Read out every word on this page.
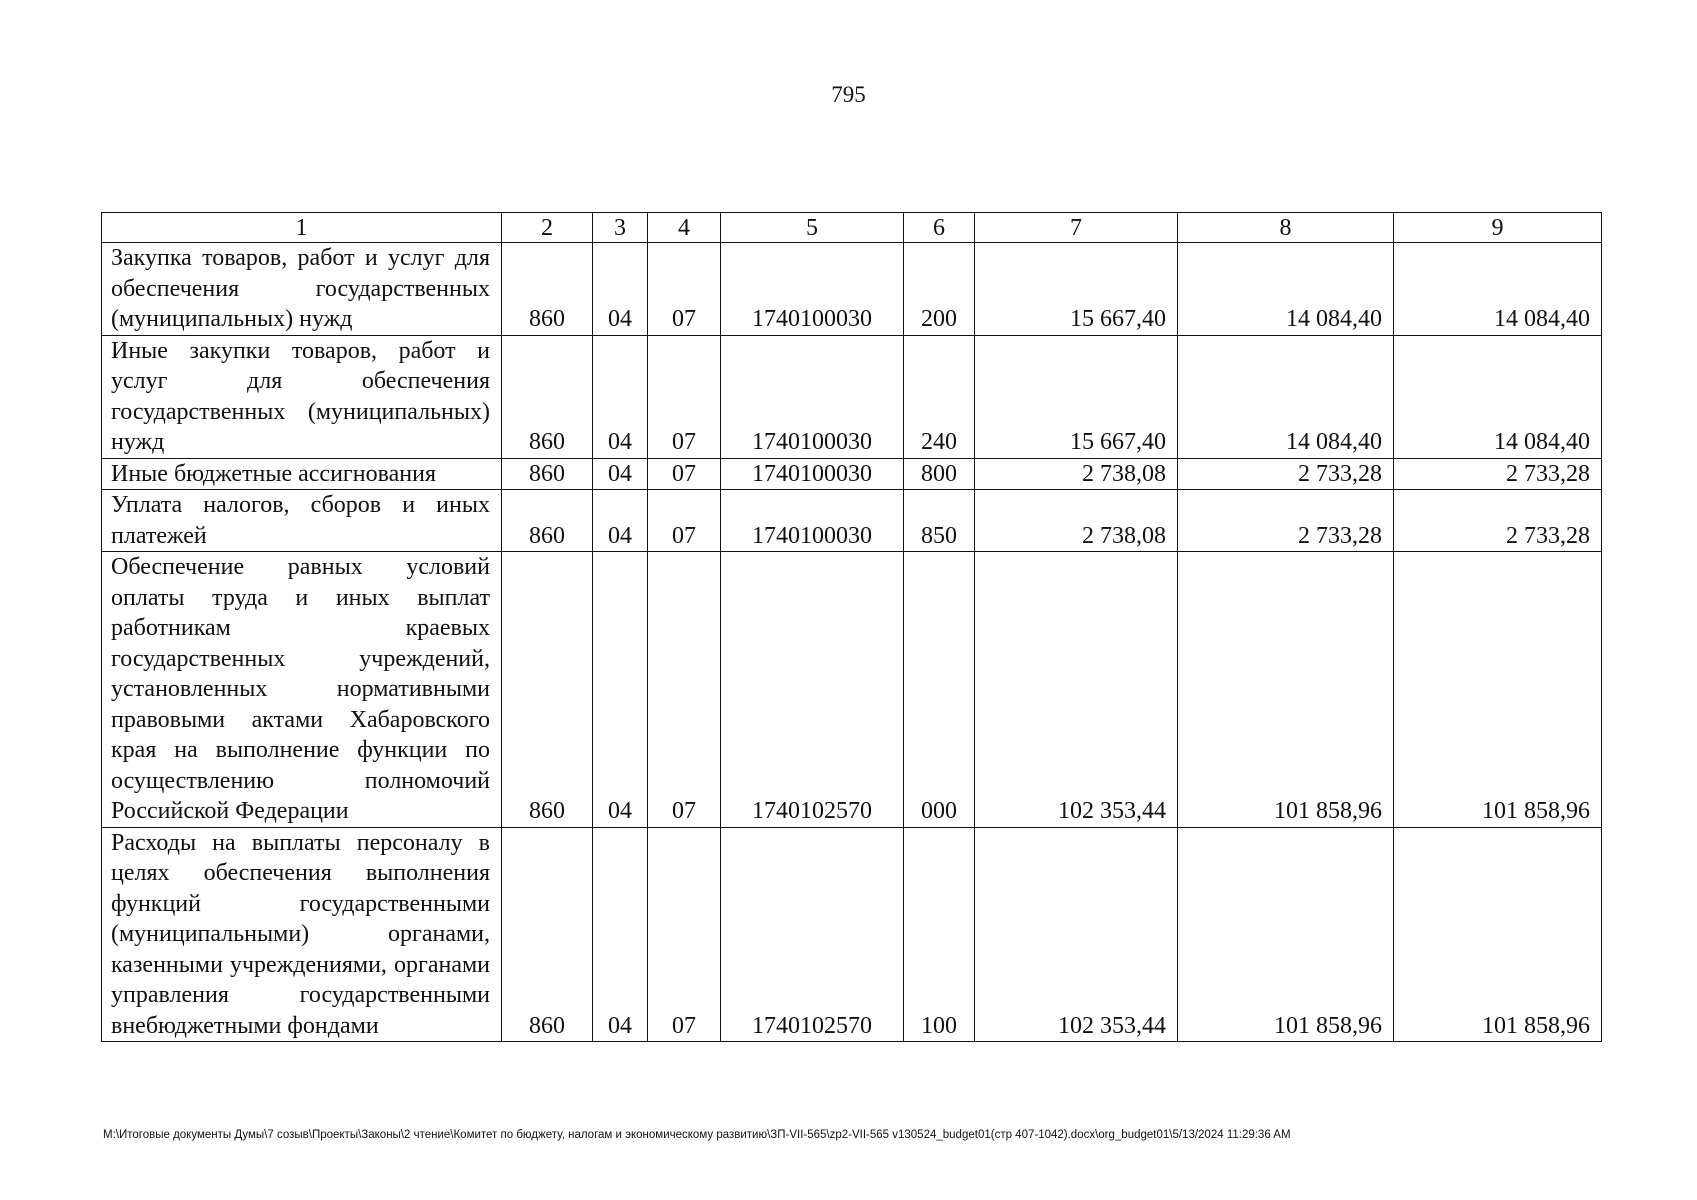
795
1	2	3	4	5	6	7	8	9
Закупка товаров, работ и услуг для обеспечения государственных (муниципальных) нужд	860	04	07	1740100030	200	15 667,40	14 084,40	14 084,40
Иные закупки товаров, работ и услуг для обеспечения государственных (муниципальных) нужд	860	04	07	1740100030	240	15 667,40	14 084,40	14 084,40
Иные бюджетные ассигнования	860	04	07	1740100030	800	2 738,08	2 733,28	2 733,28
Уплата налогов, сборов и иных платежей	860	04	07	1740100030	850	2 738,08	2 733,28	2 733,28
Обеспечение равных условий оплаты труда и иных выплат работникам краевых государственных учреждений, установленных нормативными правовыми актами Хабаровского края на выполнение функции по осуществлению полномочий Российской Федерации	860	04	07	1740102570	000	102 353,44	101 858,96	101 858,96
Расходы на выплаты персоналу в целях обеспечения выполнения функций государственными (муниципальными) органами, казенными учреждениями, органами управления государственными внебюджетными фондами	860	04	07	1740102570	100	102 353,44	101 858,96	101 858,96
M:\Итоговые документы Думы\7 созыв\Проекты\Законы\2 чтение\Комитет по бюджету, налогам и экономическому развитию\ЗП-VII-565\zp2-VII-565 v130524_budget01(стр 407-1042).docx\org_budget01\5/13/2024 11:29:36 AM
